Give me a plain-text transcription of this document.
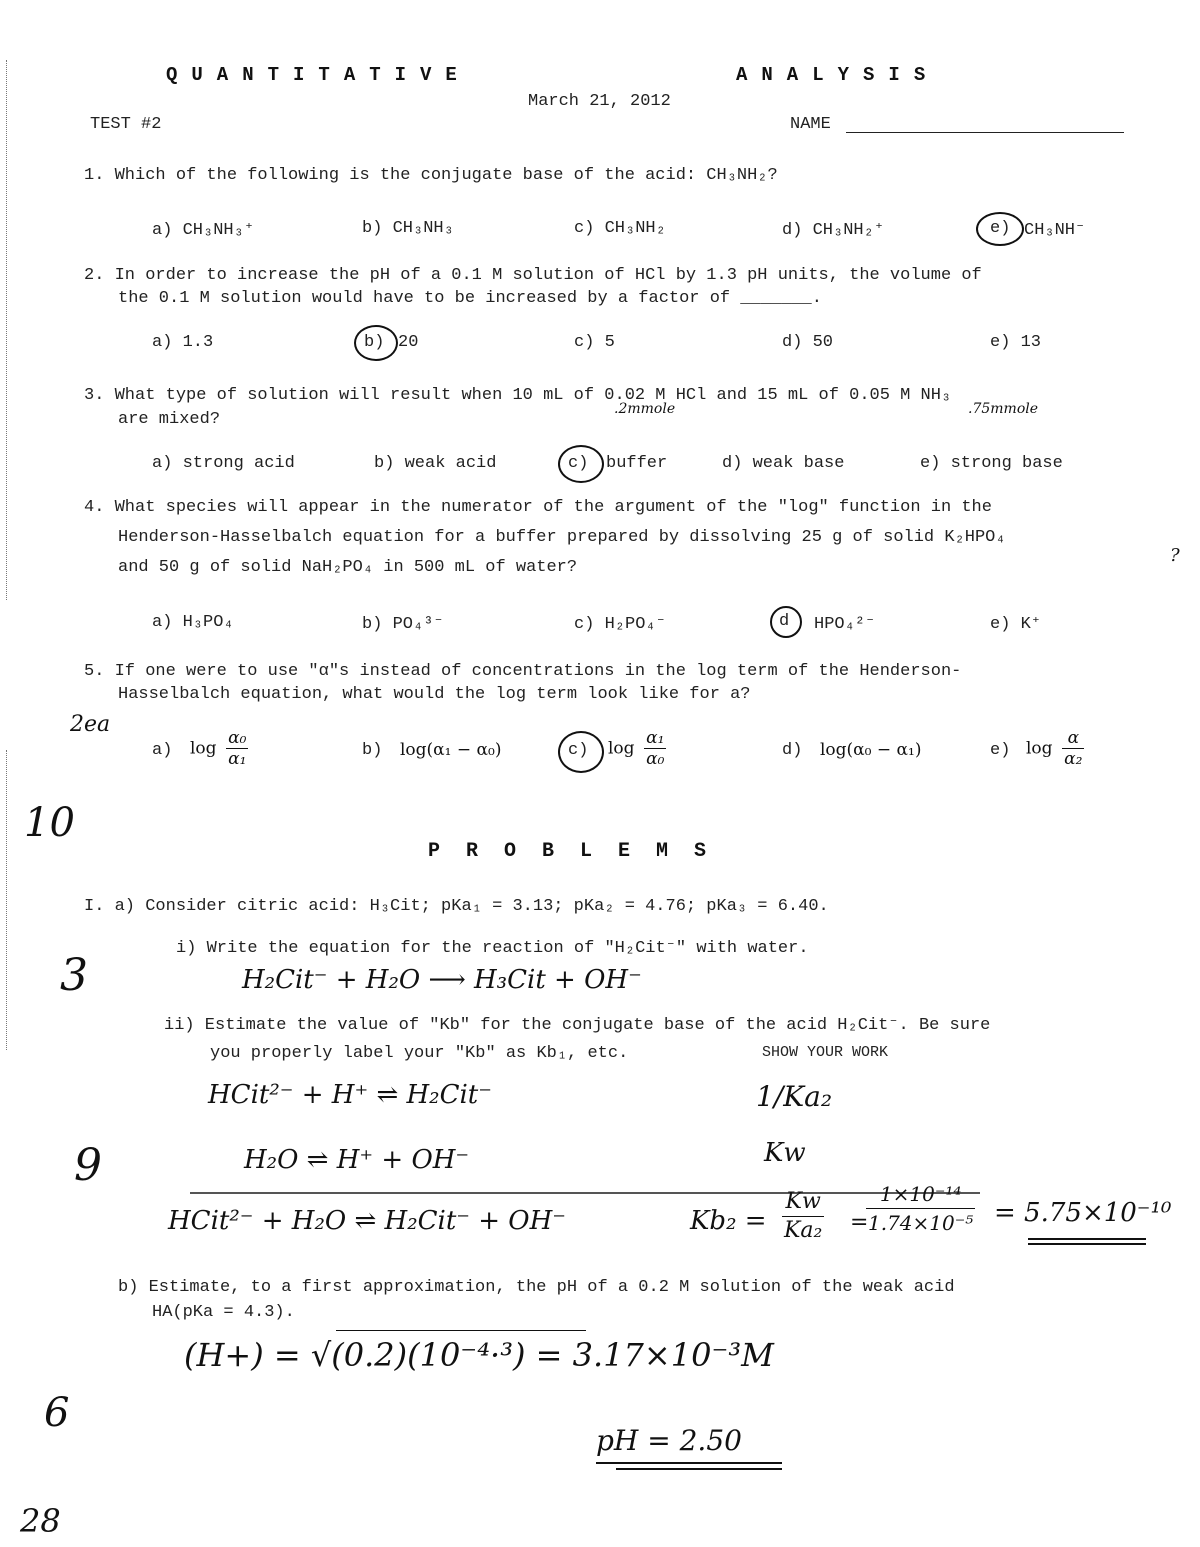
QUANTITATIVE	ANALYSIS
March 21, 2012
TEST #2	NAME
1. Which of the following is the conjugate base of the acid: CH₃NH₂?
a) CH₃NH₃⁺	b) CH₃NH₃	c) CH₃NH₂	d) CH₃NH₂⁺	e) CH₃NH⁻
2. In order to increase the pH of a 0.1 M solution of HCl by 1.3 pH units, the volume of
the 0.1 M solution would have to be increased by a factor of _______.
a) 1.3	b) 20	c) 5	d) 50	e) 13
3. What type of solution will result when 10 mL of 0.02 M HCl and 15 mL of 0.05 M NH₃
are mixed?
.2mmole	.75mmole
a) strong acid	b) weak acid	c) buffer	d) weak base	e) strong base
4. What species will appear in the numerator of the argument of the "log" function in the
Henderson-Hasselbalch equation for a buffer prepared by dissolving 25 g of solid K₂HPO₄
and 50 g of solid NaH₂PO₄ in 500 mL of water?
?
a) H₃PO₄	b) PO₄³⁻	c) H₂PO₄⁻	d HPO₄²⁻	e) K⁺
5. If one were to use "α"s instead of concentrations in the log term of the Henderson-
Hasselbalch equation, what would the log term look like for a?
2ea
a) $\log \frac{\text{α₀}}{\text{α₁}}$	b) log(α₁ − α₀)	c) $\log \frac{\text{α₁}}{\text{α₀}}$	d) log(α₀ − α₁)	e) $\log \frac{\alpha}{\text{α₂}}$
10
PROBLEMS
I. a) Consider citric acid: H₃Cit; pKa₁ = 3.13; pKa₂ = 4.76; pKa₃ = 6.40.
i) Write the equation for the reaction of "H₂Cit⁻" with water.
3	H₂Cit⁻ + H₂O ⟶ H₃Cit + OH⁻
ii) Estimate the value of "Kb" for the conjugate base of the acid H₂Cit⁻. Be sure
you properly label your "Kb" as Kb₁, etc.	SHOW YOUR WORK
HCit²⁻ + H⁺ ⇌ H₂Cit⁻	1/Ka₂
9	H₂O ⇌ H⁺ + OH⁻	Kw
HCit²⁻ + H₂O ⇌ H₂Cit⁻ + OH⁻	$Kb_2 = \frac{Kw}{\text{Ka₂}}$ =
$\frac{\text{1×10⁻¹⁴}}{\text{1.74×10⁻⁵}} = 5.75\times 10^{-10}$
b) Estimate, to a first approximation, the pH of a 0.2 M solution of the weak acid
HA(pKa = 4.3).
(H+) = √(0.2)(10⁻⁴·³) = 3.17×10⁻³M
6
pH = 2.50
28
